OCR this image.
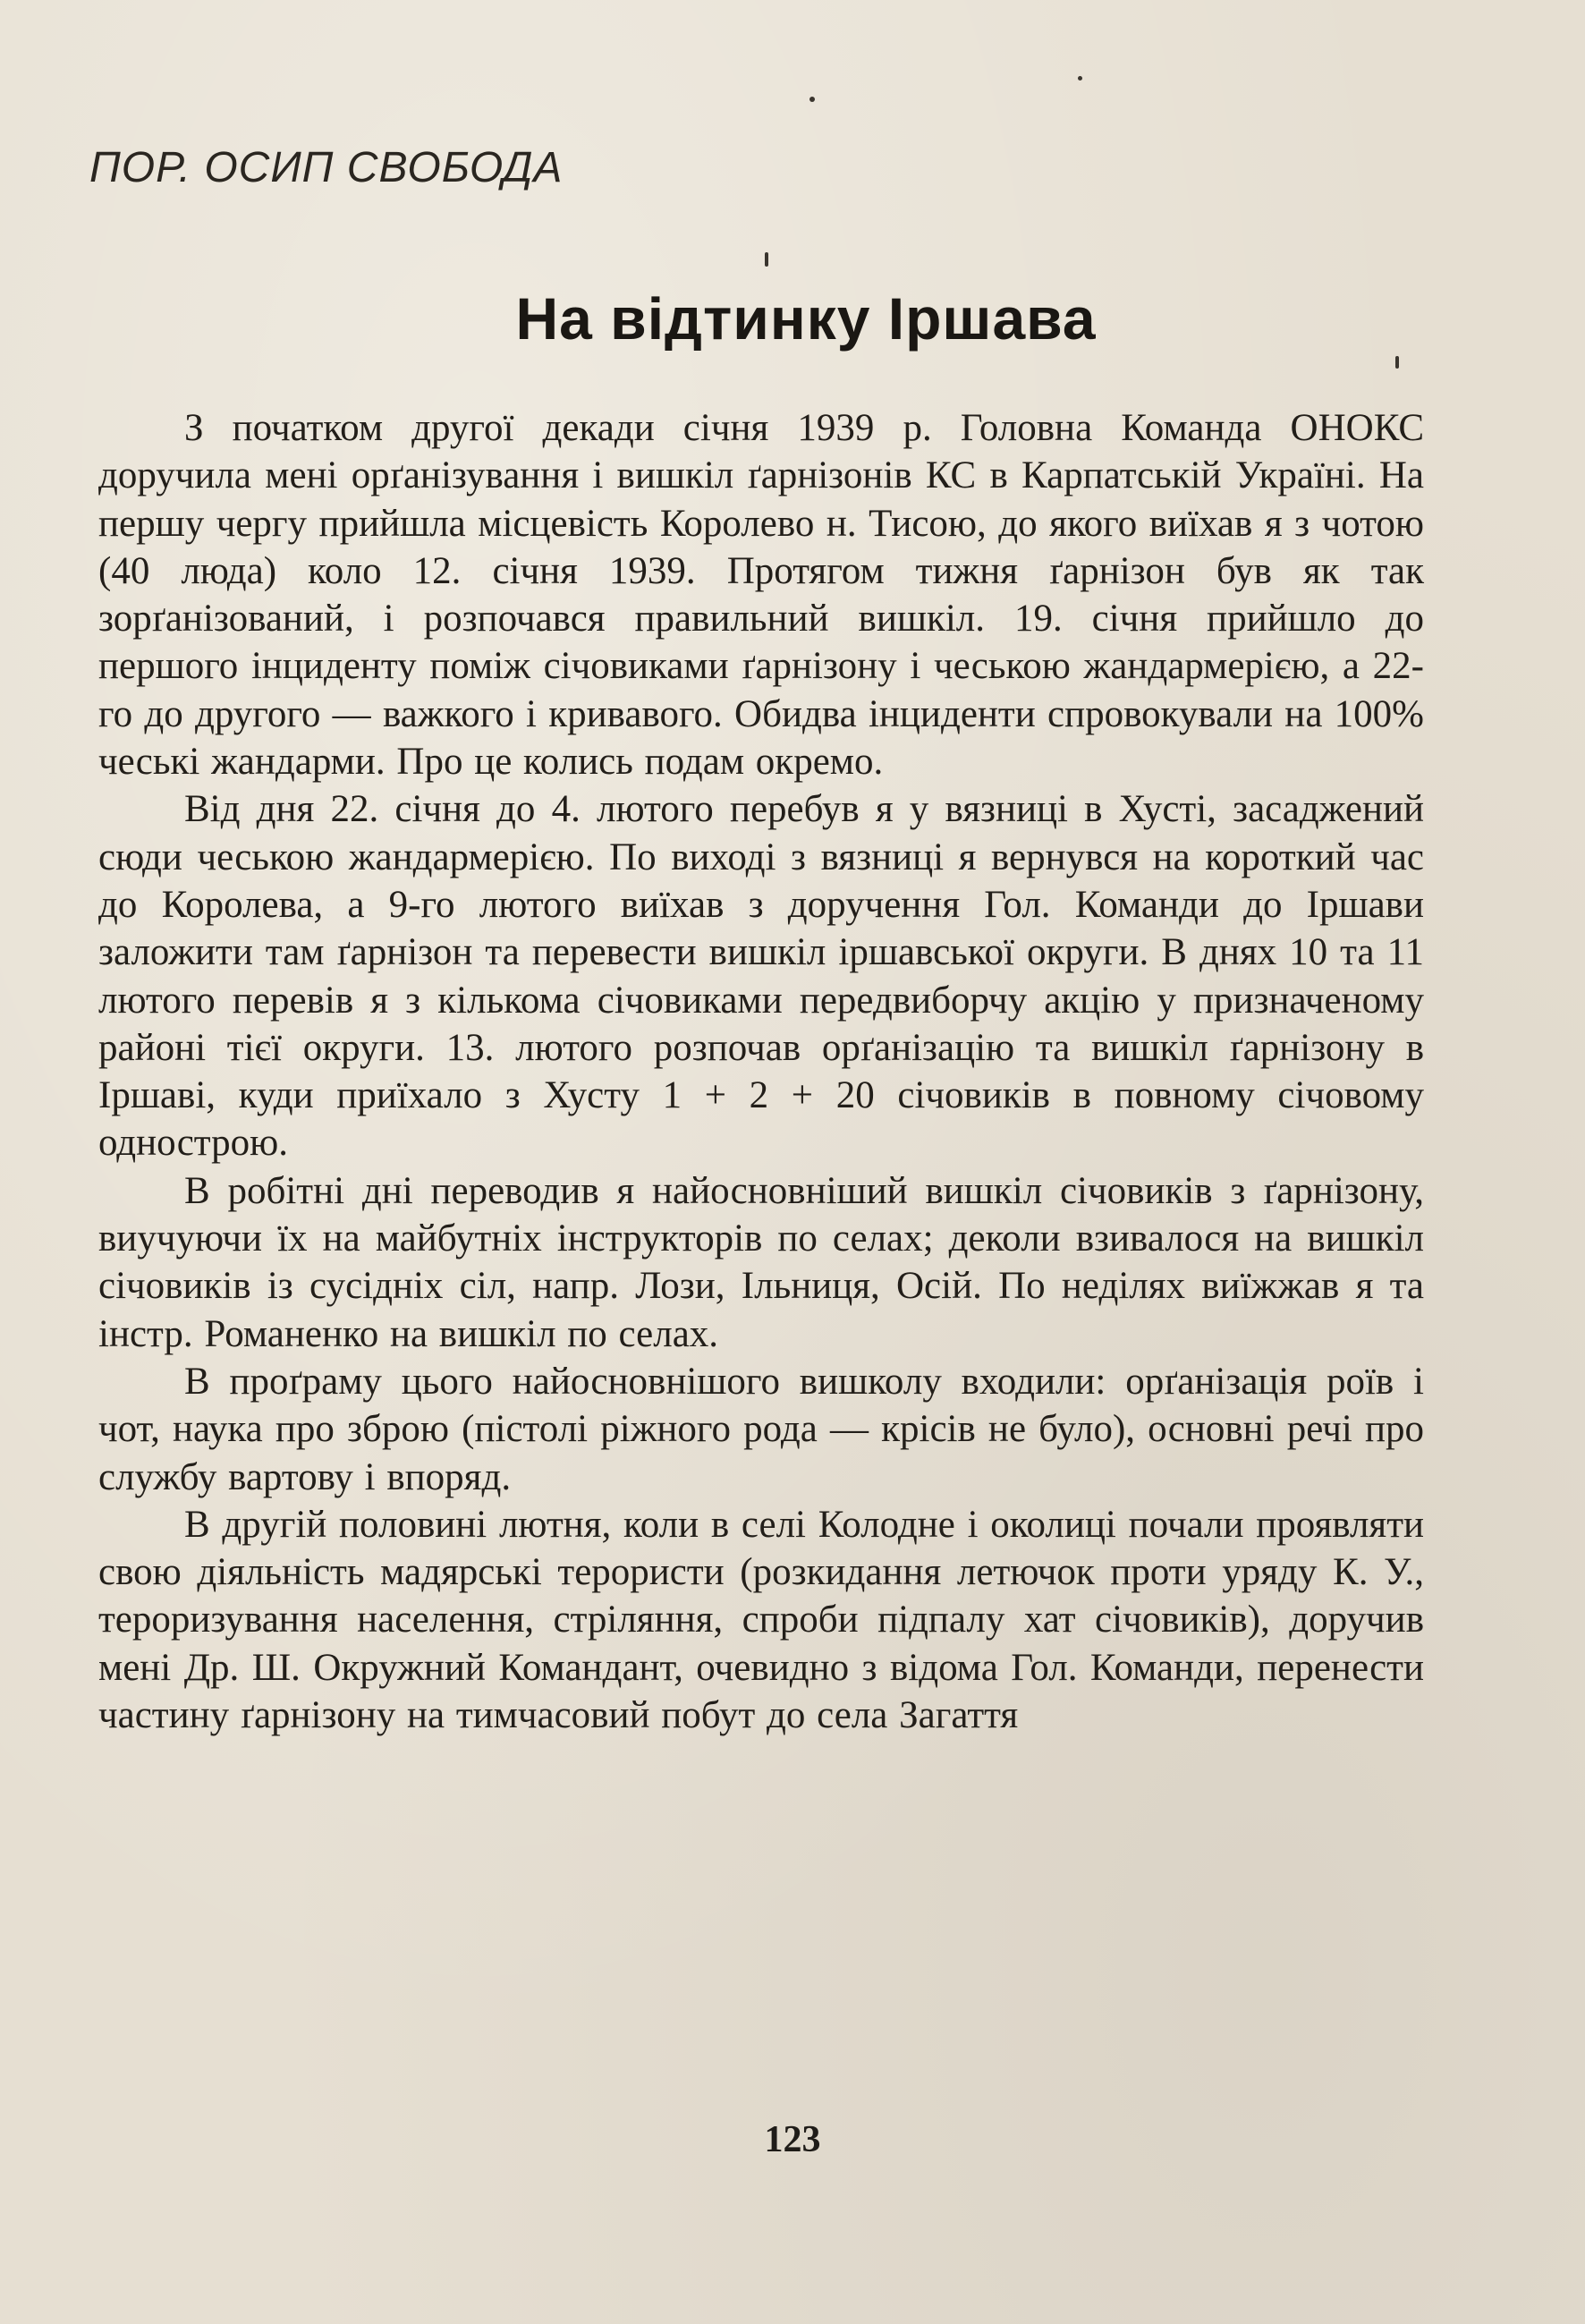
ПОР. ОСИП СВОБОДА
На відтинку Іршава

З початком другої декади січня 1939 р. Головна Команда ОНОКС доручила мені орґанізування і вишкіл ґарнізонів КС в Карпатській Україні. На першу чергу прийшла місцевість Королево н. Тисою, до якого виїхав я з чотою (40 люда) коло 12. січня 1939. Протягом тижня ґарнізон був як так зорґанізований, і розпочався правильний вишкіл. 19. січня прийшло до першого інциденту поміж січовиками ґарнізону і чеською жандармерією, а 22-го до другого — важкого і кривавого. Обидва інциденти спровокували на 100% чеські жандарми. Про це колись подам окремо.

Від дня 22. січня до 4. лютого перебув я у вязниці в Хусті, засаджений сюди чеською жандармерією. По виході з вязниці я вернувся на короткий час до Королева, а 9-го лютого виїхав з доручення Гол. Команди до Іршави заложити там ґарнізон та перевести вишкіл іршавської округи. В днях 10 та 11 лютого перевів я з кількома січовиками передвиборчу акцію у призначеному районі тієї округи. 13. лютого розпочав орґанізацію та вишкіл ґарнізону в Іршаві, куди приїхало з Хусту 1 + 2 + 20 січовиків в повному січовому однострою.

В робітні дні переводив я найосновніший вишкіл січовиків з ґарнізону, виучуючи їх на майбутніх інструкторів по селах; деколи взивалося на вишкіл січовиків із сусідніх сіл, напр. Лози, Ільниця, Осій. По неділях виїжжав я та інстр. Романенко на вишкіл по селах.

В проґраму цього найосновнішого вишколу входили: орґанізація роїв і чот, наука про зброю (пістолі ріжного рода — крісів не було), основні речі про службу вартову і впоряд.

В другій половині лютня, коли в селі Колодне і околиці почали проявляти свою діяльність мадярські терористи (розкидання летючок проти уряду К. У., тероризування населення, стріляння, спроби підпалу хат січовиків), доручив мені Др. Ш. Окружний Командант, очевидно з відома Гол. Команди, перенести частину ґарнізону на тимчасовий побут до села Загаття

123
